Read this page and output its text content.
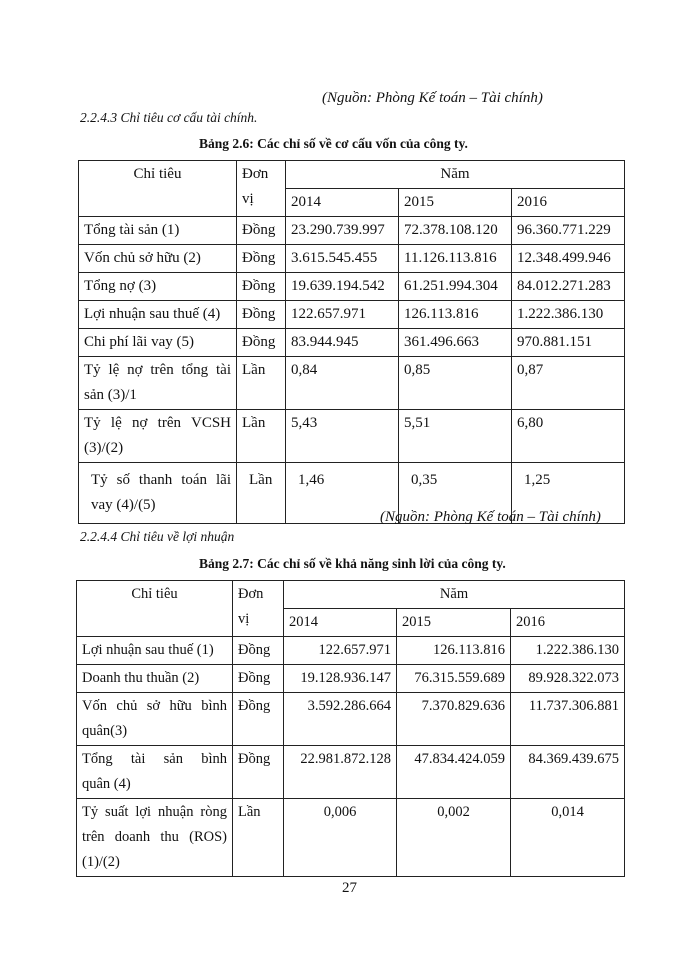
(Nguồn: Phòng Kế toán – Tài chính)
2.2.4.3 Chỉ tiêu cơ cấu tài chính.
Bảng 2.6: Các chỉ số về cơ cấu vốn của công ty.
Chỉ tiêu	Đơn vị	Năm		
		2014	2015	2016
Tổng tài sản (1)	Đồng	23.290.739.997	72.378.108.120	96.360.771.229
Vốn chủ sở hữu (2)	Đồng	3.615.545.455	11.126.113.816	12.348.499.946
Tổng nợ (3)	Đồng	19.639.194.542	61.251.994.304	84.012.271.283
Lợi nhuận sau thuế (4)	Đồng	122.657.971	126.113.816	1.222.386.130
Chi phí lãi vay (5)	Đồng	83.944.945	361.496.663	970.881.151

Tỷ lệ nợ trên tổng tài
sản (3)/1	Lần	0,84	0,85	0,87

Tỷ lệ nợ trên VCSH
(3)/(2)	Lần	5,43	5,51	6,80

Tỷ số thanh toán lãi
vay (4)/(5)	Lần	1,46	0,35	1,25
(Nguồn: Phòng Kế toán – Tài chính)
2.2.4.4 Chỉ tiêu về lợi nhuận
Bảng 2.7: Các chỉ số về khả năng sinh lời của công ty.
Chỉ tiêu	Đơn vị	Năm		
		2014	2015	2016
Lợi nhuận sau thuế (1)	Đồng	122.657.971	126.113.816	1.222.386.130
Doanh thu thuần (2)	Đồng	19.128.936.147	76.315.559.689	89.928.322.073

Vốn chủ sở hữu bình
quân(3)	Đồng	3.592.286.664	7.370.829.636	11.737.306.881

Tổng tài sản bình
quân (4)	Đồng	22.981.872.128	47.834.424.059	84.369.439.675

Tỷ suất lợi nhuận ròng
trên doanh thu (ROS)
(1)/(2)	Lần	0,006	0,002	0,014
27
